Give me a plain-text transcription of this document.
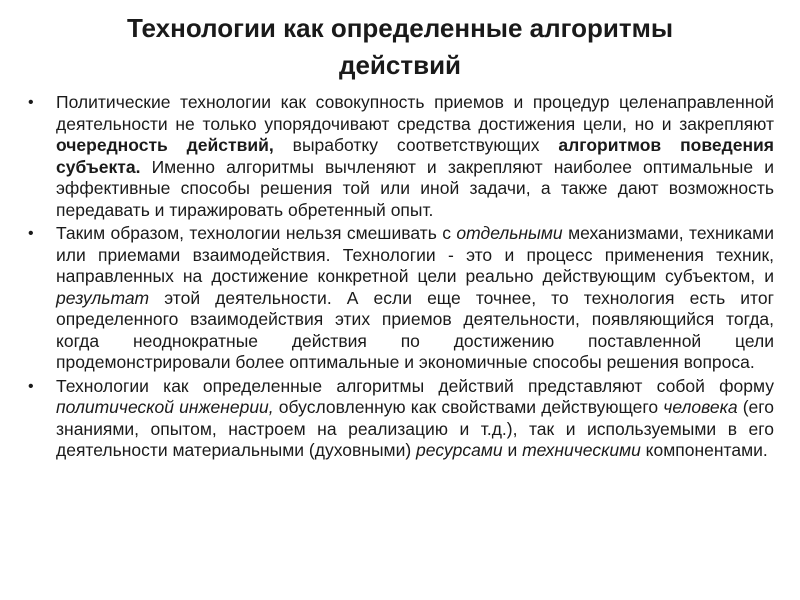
Технологии как определенные алгоритмы
действий
• Политические технологии как совокупность приемов и процедур целенаправленной деятельности не только упорядочивают средства достижения цели, но и закрепляют очередность действий, выработку соответствующих алгоритмов поведения субъекта. Именно алгоритмы вычленяют и закрепляют наиболее оптимальные и эффективные способы решения той или иной задачи, а также дают возможность передавать и тиражировать обретенный опыт.
• Таким образом, технологии нельзя смешивать с отдельными механизмами, техниками или приемами взаимодействия. Технологии - это и процесс применения техник, направленных на достижение конкретной цели реально действующим субъектом, и результат этой деятельности. А если еще точнее, то технология есть итог определенного взаимодействия этих приемов деятельности, появляющийся тогда, когда неоднократные действия по достижению поставленной цели продемонстрировали более оптимальные и экономичные способы решения вопроса.
• Технологии как определенные алгоритмы действий представляют собой форму политической инженерии, обусловленную как свойствами действующего человека (его знаниями, опытом, настроем на реализацию и т.д.), так и используемыми в его деятельности материальными (духовными) ресурсами и техническими компонентами.
